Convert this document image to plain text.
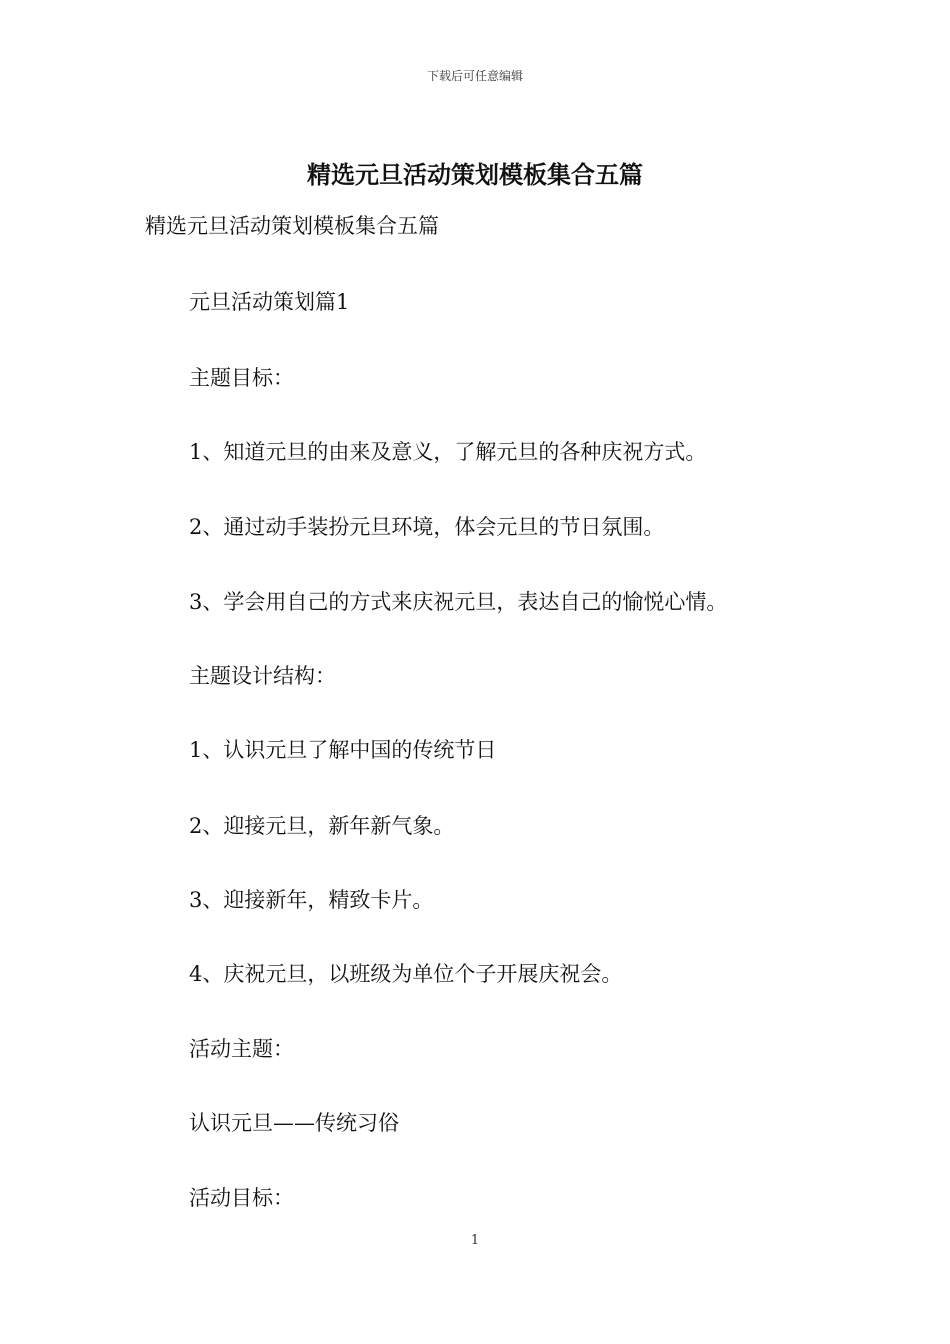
下载后可任意编辑
精选元旦活动策划模板集合五篇
精选元旦活动策划模板集合五篇
元旦活动策划篇1
主题目标：
1、知道元旦的由来及意义，了解元旦的各种庆祝方式。
2、通过动手装扮元旦环境，体会元旦的节日氛围。
3、学会用自己的方式来庆祝元旦，表达自己的愉悦心情。
主题设计结构：
1、认识元旦了解中国的传统节日
2、迎接元旦，新年新气象。
3、迎接新年，精致卡片。
4、庆祝元旦，以班级为单位个子开展庆祝会。
活动主题：
认识元旦——传统习俗
活动目标：
1
